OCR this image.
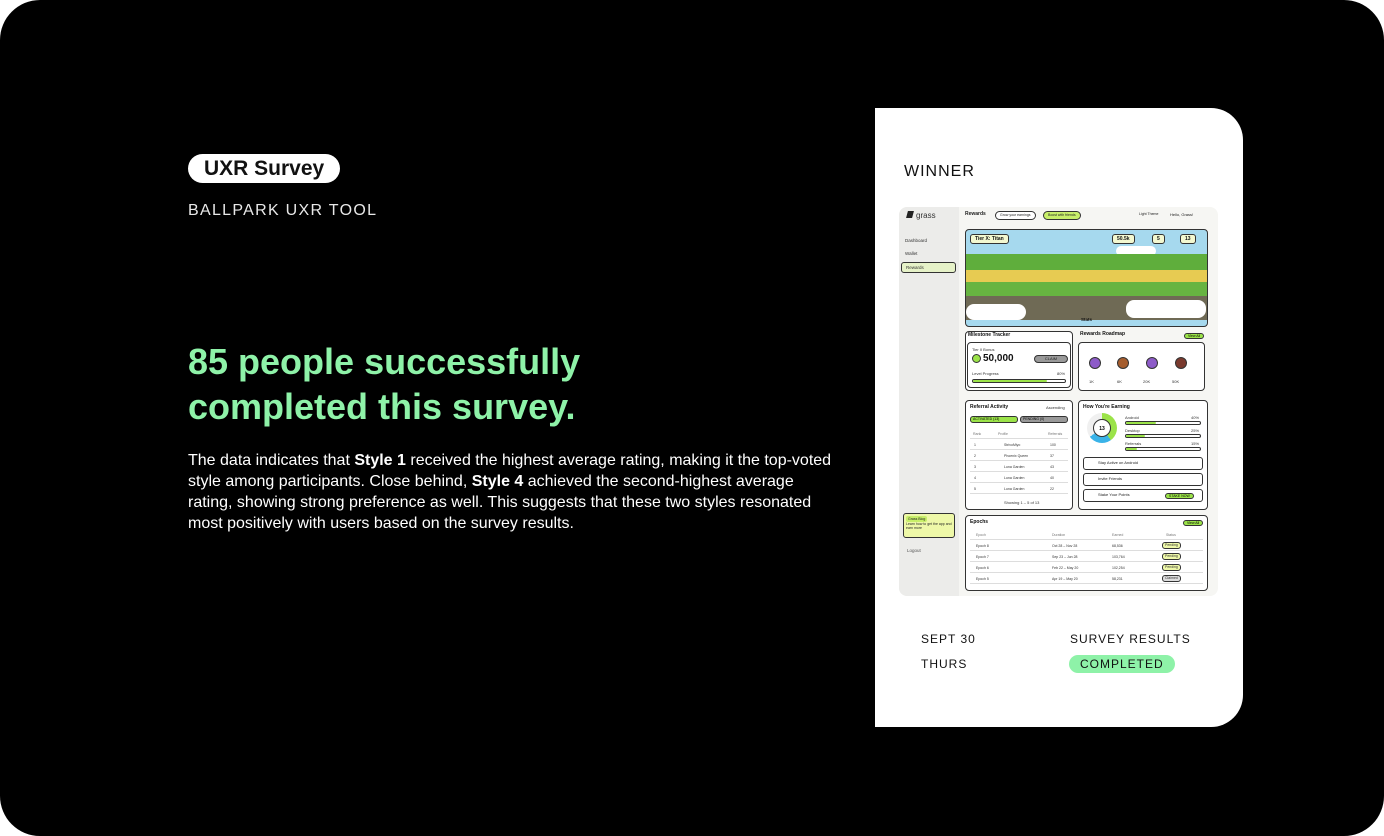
UXR Survey
BALLPARK UXR TOOL
85 people successfully completed this survey.

The data indicates that Style 1 received the highest average rating, making it the top-voted style among participants. Close behind, Style 4 achieved the second-highest average rating, showing strong preference as well. This suggests that these two styles resonated most positively with users based on the survey results.

WINNER
grass
Dashboard
Wallet
Rewards
Grass Blog
Learn how to get the app and earn more
Logout
Rewards	Grow your earnings	Boost with friends	Light Theme	Hello, Grass!
Tier X: Titan	50.5k	5	13
Stats
Milestone Tracker
Tier II Bonus
50,000	CLAIM
Level Progress	80%
Rewards Roadmap	View All
1K	6K	20K	50K
Referral Activity	Ascending
ACTIVATED (13)	PENDING (0)
Rank	Profile	Referrals
1	StrivoMiyo	100
2	Phoenix Queen	37
3	Luna Garden	43
4	Luna Garden	40
5	Luna Garden	22
Showing 1 – 5 of 13
How You're Earning
13
Android	40%
Desktop	25%
Referrals	15%
Stay Active on Android
Invite Friends
Stake Your Points	STAKE NOW
Epochs	View All
Epoch	Duration	Earned	Status
Epoch 8	Oct 28 – Nov 28	68,536	Pending
Epoch 7	Sep 23 – Jun 28	103,764	Pending
Epoch 6	Feb 22 – May 20	102,254	Pending
Epoch 5	Apr 19 – May 20	58,231	Claimed
SEPT 30
THURS
SURVEY RESULTS
COMPLETED
